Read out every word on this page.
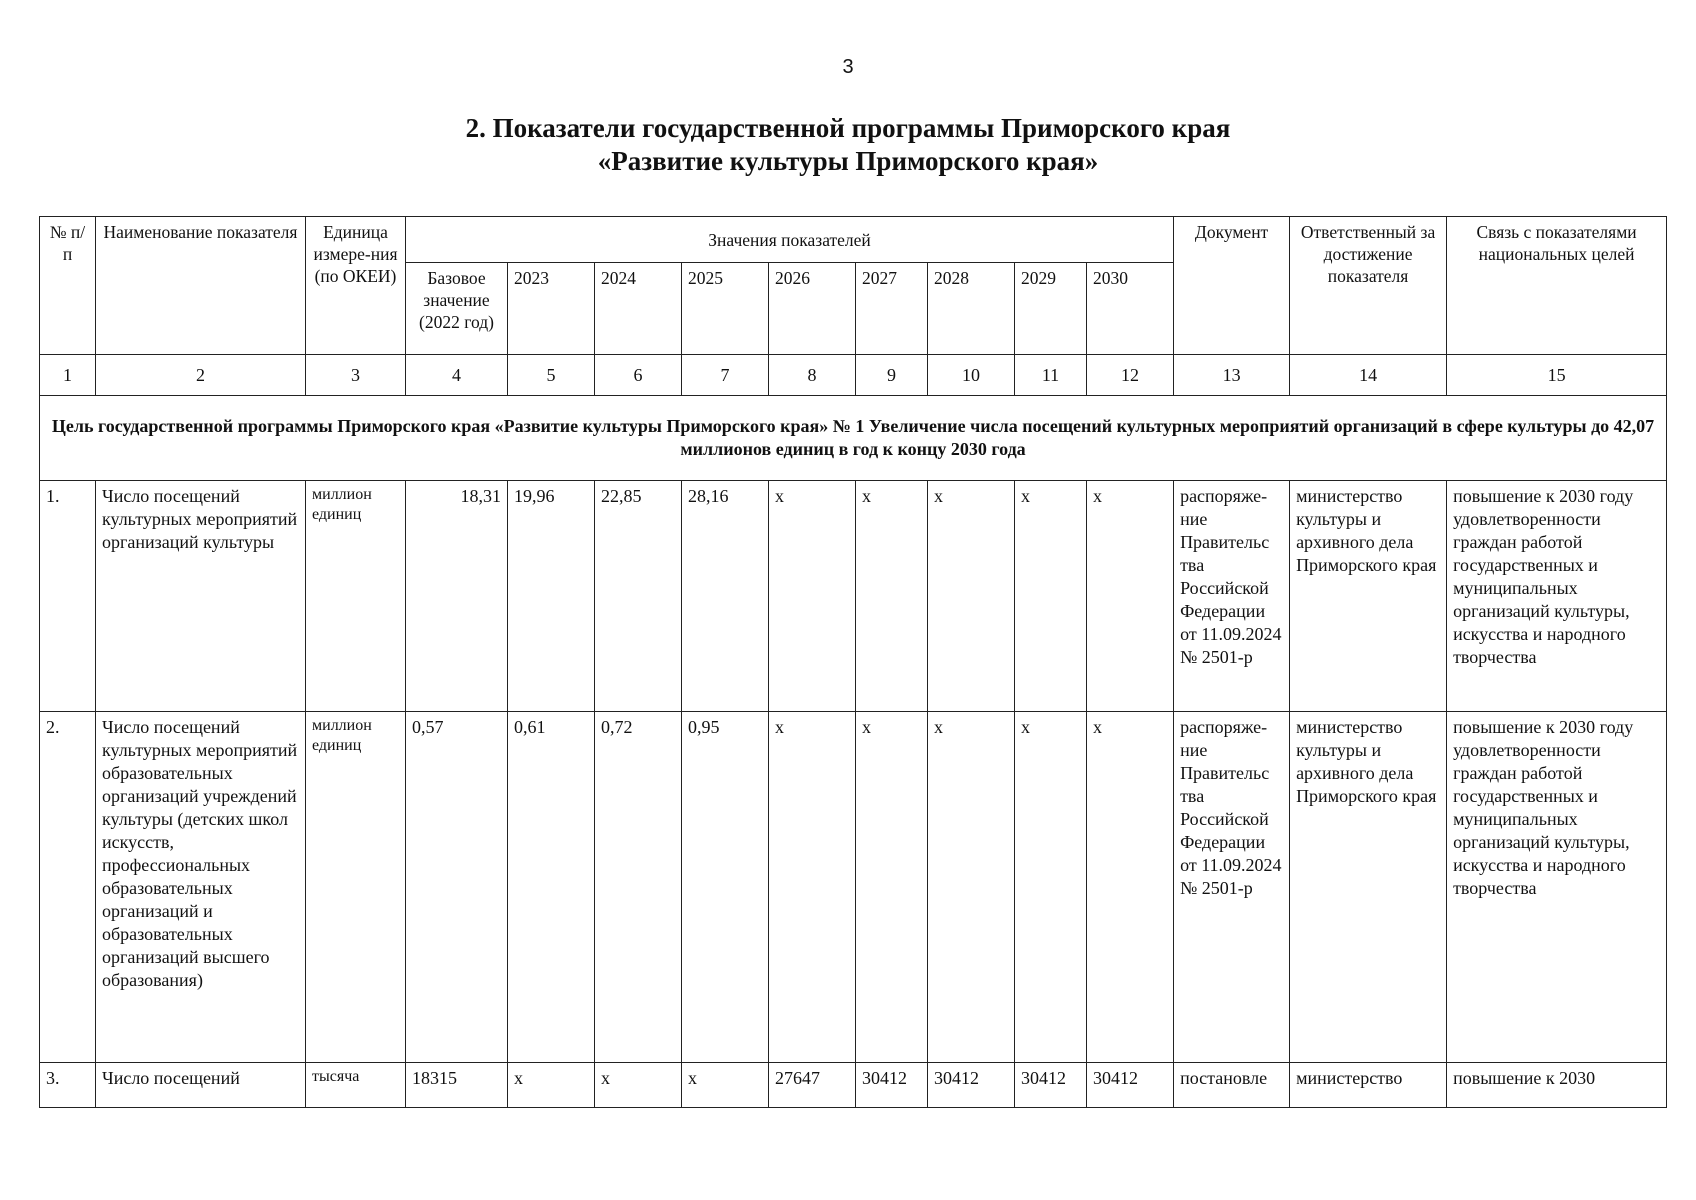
3
2. Показатели государственной программы Приморского края
«Развитие культуры Приморского края»
№ п/п	Наименование показателя	Единица измере-ния (по ОКЕИ)	Значения показателей									Документ	Ответственный за достижение показателя	Связь с показателями национальных целей
			Базовое значение (2022 год)	2023	2024	2025	2026	2027	2028	2029	2030			
1	2	3	4	5	6	7	8	9	10	11	12	13	14	15
Цель государственной программы Приморского края «Развитие культуры Приморского края» № 1 Увеличение числа посещений культурных мероприятий организаций в сфере культуры до 42,07 миллионов единиц в год к концу 2030 года														
1.	Число посещений культурных мероприятий организаций культуры	миллион единиц	18,31	19,96	22,85	28,16	х	х	х	х	х	распоряже-ние Правительс тва Российской Федерации от 11.09.2024 № 2501-р	министерство культуры и архивного дела Приморского края	повышение к 2030 году удовлетворенности граждан работой государственных и муниципальных организаций культуры, искусства и народного творчества
2.	Число посещений культурных мероприятий образовательных организаций учреждений культуры (детских школ искусств, профессиональных образовательных организаций и образовательных организаций высшего образования)	миллион единиц	0,57	0,61	0,72	0,95	х	х	х	х	х	распоряже-ние Правительс тва Российской Федерации от 11.09.2024 № 2501-р	министерство культуры и архивного дела Приморского края	повышение к 2030 году удовлетворенности граждан работой государственных и муниципальных организаций культуры, искусства и народного творчества
3.	Число посещений	тысяча	18315	х	х	х	27647	30412	30412	30412	30412	постановле	министерство	повышение к 2030
